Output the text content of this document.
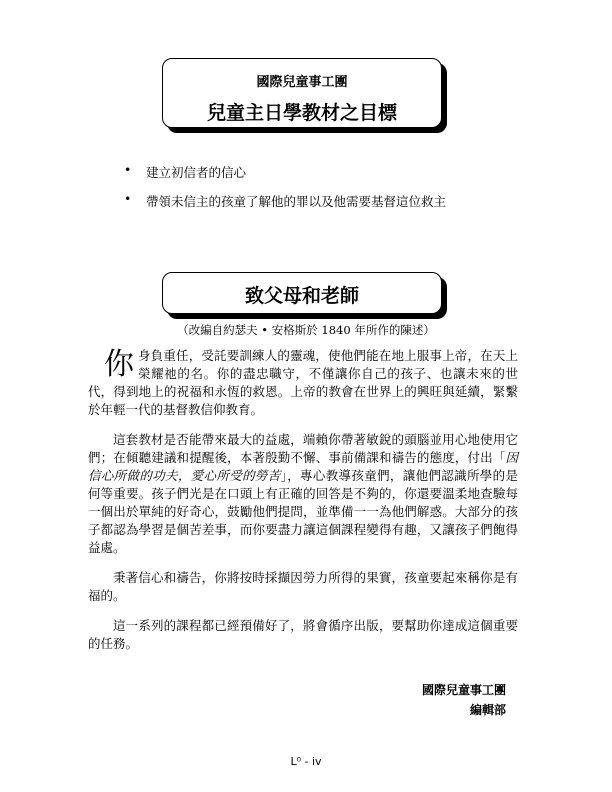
國際兒童事工團
兒童主日學教材之目標
• 建立初信者的信心
• 帶領未信主的孩童了解他的罪以及他需要基督這位救主
致父母和老師
（改編自約瑟夫 • 安格斯於 1840 年所作的陳述）

你身負重任，受託要訓練人的靈魂，使他們能在地上服事上帝，在天上榮耀祂的名。你的盡忠職守，不僅讓你自己的孩子、也讓未來的世代，得到地上的祝福和永恆的救恩。上帝的教會在世界上的興旺與延續，緊繫於年輕一代的基督教信仰教育。

這套教材是否能帶來最大的益處，端賴你帶著敏銳的頭腦並用心地使用它們；在傾聽建議和提醒後，本著殷勤不懈、事前備課和禱告的態度，付出「因信心所做的功夫，愛心所受的勞苦」，專心教導孩童們，讓他們認識所學的是何等重要。孩子們光是在口頭上有正確的回答是不夠的，你還要溫柔地查驗每一個出於單純的好奇心，鼓勵他們提問，並準備一一為他們解惑。大部分的孩子都認為學習是個苦差事，而你要盡力讓這個課程變得有趣，又讓孩子們飽得益處。

秉著信心和禱告，你將按時採擷因勞力所得的果實，孩童要起來稱你是有福的。

這一系列的課程都已經預備好了，將會循序出版，要幫助你達成這個重要的任務。

國際兒童事工團
編輯部
L⁰ - iv
